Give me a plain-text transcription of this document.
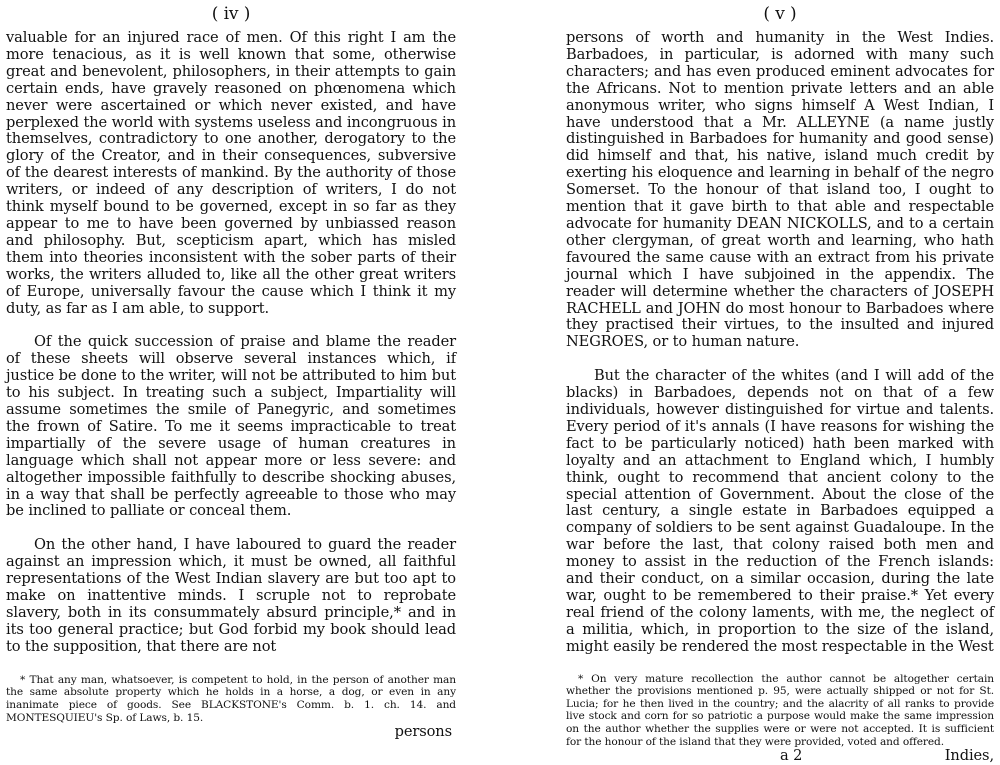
( iv )

valuable for an injured race of men. Of this right I am the more tenacious, as it is well known that some, otherwise great and benevolent, philosophers, in their attempts to gain certain ends, have gravely reasoned on phœnomena which never were ascertained or which never existed, and have perplexed the world with systems useless and incongruous in themselves, contradictory to one another, derogatory to the glory of the Creator, and in their consequences, subversive of the dearest interests of mankind. By the authority of those writers, or indeed of any description of writers, I do not think myself bound to be governed, except in so far as they appear to me to have been governed by unbiassed reason and philosophy. But, scepticism apart, which has misled them into theories inconsistent with the sober parts of their works, the writers alluded to, like all the other great writers of Europe, universally favour the cause which I think it my duty, as far as I am able, to support.

Of the quick succession of praise and blame the reader of these sheets will observe several instances which, if justice be done to the writer, will not be attributed to him but to his subject. In treating such a subject, Impartiality will assume sometimes the smile of Panegyric, and sometimes the frown of Satire. To me it seems impracticable to treat impartially of the severe usage of human creatures in language which shall not appear more or less severe: and altogether impossible faithfully to describe shocking abuses, in a way that shall be perfectly agreeable to those who may be inclined to palliate or conceal them.

On the other hand, I have laboured to guard the reader against an impression which, it must be owned, all faithful representations of the West Indian slavery are but too apt to make on inattentive minds. I scruple not to reprobate slavery, both in its consummately absurd principle,* and in its too general practice; but God forbid my book should lead to the supposition, that there are not

* That any man, whatsoever, is competent to hold, in the person of another man the same absolute property which he holds in a horse, a dog, or even in any inanimate piece of goods. See BLACKSTONE's Comm. b. 1. ch. 14. and MONTESQUIEU's Sp. of Laws, b. 15.

persons

( v )

persons of worth and humanity in the West Indies. Barbadoes, in particular, is adorned with many such characters; and has even produced eminent advocates for the Africans. Not to mention private letters and an able anonymous writer, who signs himself A West Indian, I have understood that a Mr. ALLEYNE (a name justly distinguished in Barbadoes for humanity and good sense) did himself and that, his native, island much credit by exerting his eloquence and learning in behalf of the negro Somerset. To the honour of that island too, I ought to mention that it gave birth to that able and respectable advocate for humanity DEAN NICKOLLS, and to a certain other clergyman, of great worth and learning, who hath favoured the same cause with an extract from his private journal which I have subjoined in the appendix. The reader will determine whether the characters of JOSEPH RACHELL and JOHN do most honour to Barbadoes where they practised their virtues, to the insulted and injured NEGROES, or to human nature.

But the character of the whites (and I will add of the blacks) in Barbadoes, depends not on that of a few individuals, however distinguished for virtue and talents. Every period of it's annals (I have reasons for wishing the fact to be particularly noticed) hath been marked with loyalty and an attachment to England which, I humbly think, ought to recommend that ancient colony to the special attention of Government. About the close of the last century, a single estate in Barbadoes equipped a company of soldiers to be sent against Guadaloupe. In the war before the last, that colony raised both men and money to assist in the reduction of the French islands: and their conduct, on a similar occasion, during the late war, ought to be remembered to their praise.* Yet every real friend of the colony laments, with me, the neglect of a militia, which, in proportion to the size of the island, might easily be rendered the most respectable in the West

* On very mature recollection the author cannot be altogether certain whether the provisions mentioned p. 95, were actually shipped or not for St. Lucia; for he then lived in the country; and the alacrity of all ranks to provide live stock and corn for so patriotic a purpose would make the same impression on the author whether the supplies were or were not accepted. It is sufficient for the honour of the island that they were provided, voted and offered.

a 2	Indies,
